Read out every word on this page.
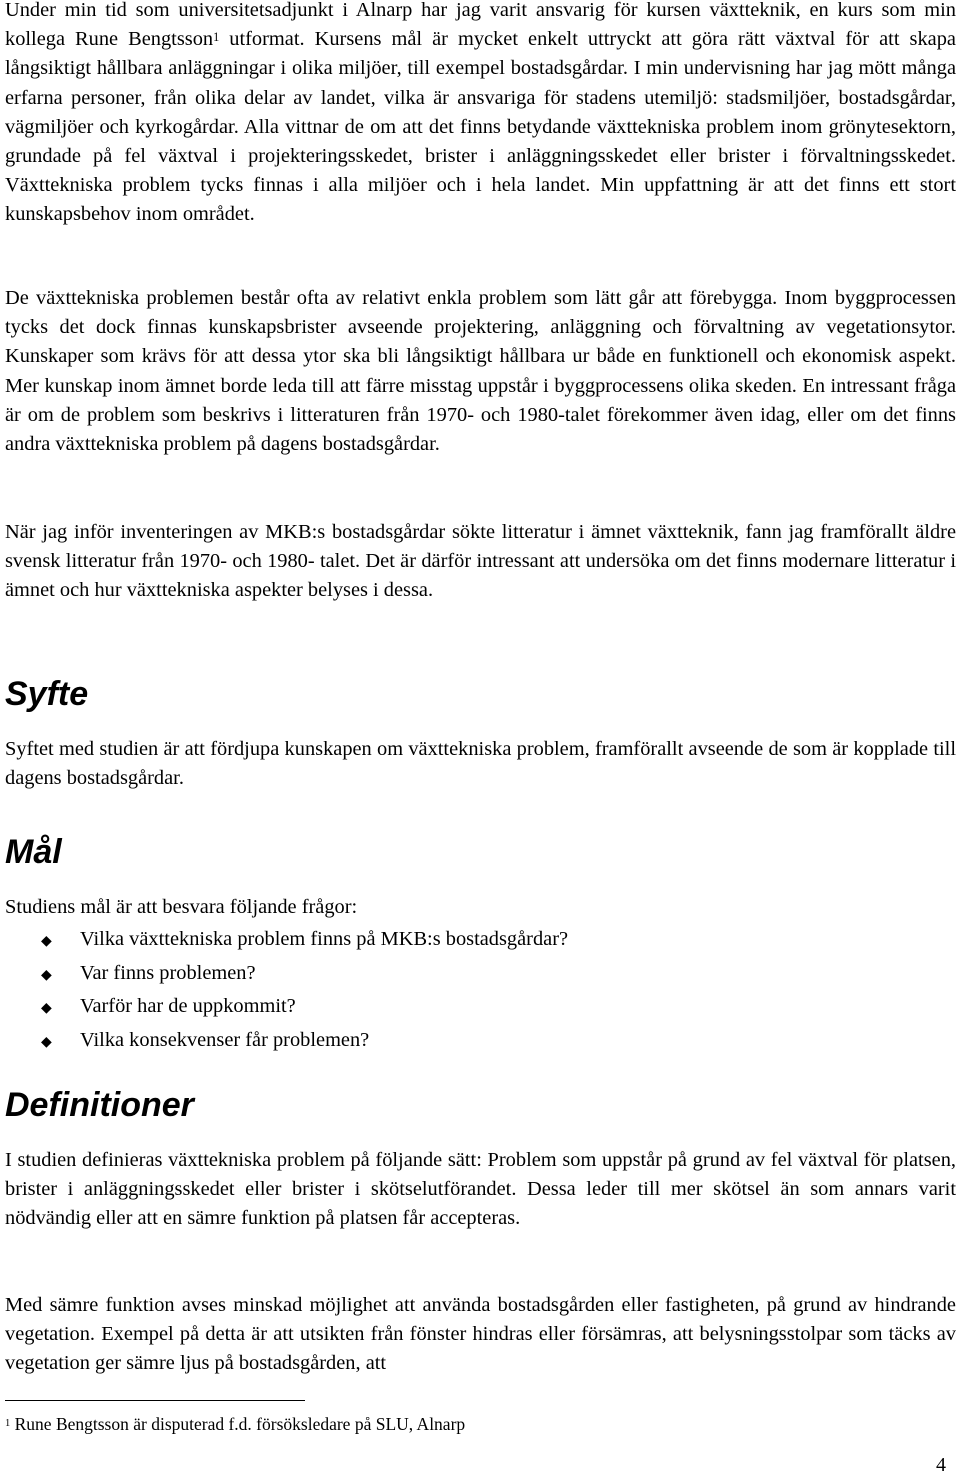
Under min tid som universitetsadjunkt i Alnarp har jag varit ansvarig för kursen växtteknik, en kurs som min kollega Rune Bengtsson$^1$ utformat. Kursens mål är mycket enkelt uttryckt att göra rätt växtval för att skapa långsiktigt hållbara anläggningar i olika miljöer, till exempel bostadsgårdar. I min undervisning har jag mött många erfarna personer, från olika delar av landet, vilka är ansvariga för stadens utemiljö: stadsmiljöer, bostadsgårdar, vägmiljöer och kyrkogårdar. Alla vittnar de om att det finns betydande växttekniska problem inom grönytesektorn, grundade på fel växtval i projekteringsskedet, brister i anläggningsskedet eller brister i förvaltningsskedet. Växttekniska problem tycks finnas i alla miljöer och i hela landet. Min uppfattning är att det finns ett stort kunskapsbehov inom området.

De växttekniska problemen består ofta av relativt enkla problem som lätt går att förebygga. Inom byggprocessen tycks det dock finnas kunskapsbrister avseende projektering, anläggning och förvaltning av vegetationsytor. Kunskaper som krävs för att dessa ytor ska bli långsiktigt hållbara ur både en funktionell och ekonomisk aspekt. Mer kunskap inom ämnet borde leda till att färre misstag uppstår i byggprocessens olika skeden. En intressant fråga är om de problem som beskrivs i litteraturen från 1970- och 1980-talet förekommer även idag, eller om det finns andra växttekniska problem på dagens bostadsgårdar.

När jag inför inventeringen av MKB:s bostadsgårdar sökte litteratur i ämnet växtteknik, fann jag framförallt äldre svensk litteratur från 1970- och 1980- talet. Det är därför intressant att undersöka om det finns modernare litteratur i ämnet och hur växttekniska aspekter belyses i dessa.

Syfte

Syftet med studien är att fördjupa kunskapen om växttekniska problem, framförallt avseende de som är kopplade till dagens bostadsgårdar.

Mål

Studiens mål är att besvara följande frågor:

◆	Vilka växttekniska problem finns på MKB:s bostadsgårdar?
◆	Var finns problemen?
◆	Varför har de uppkommit?
◆	Vilka konsekvenser får problemen?
Definitioner

I studien definieras växttekniska problem på följande sätt: Problem som uppstår på grund av fel växtval för platsen, brister i anläggningsskedet eller brister i skötselutförandet. Dessa leder till mer skötsel än som annars varit nödvändig eller att en sämre funktion på platsen får accepteras.

Med sämre funktion avses minskad möjlighet att använda bostadsgården eller fastigheten, på grund av hindrande vegetation. Exempel på detta är att utsikten från fönster hindras eller försämras, att belysningsstolpar som täcks av vegetation ger sämre ljus på bostadsgården, att

$^1$ Rune Bengtsson är disputerad f.d. försöksledare på SLU, Alnarp
4
